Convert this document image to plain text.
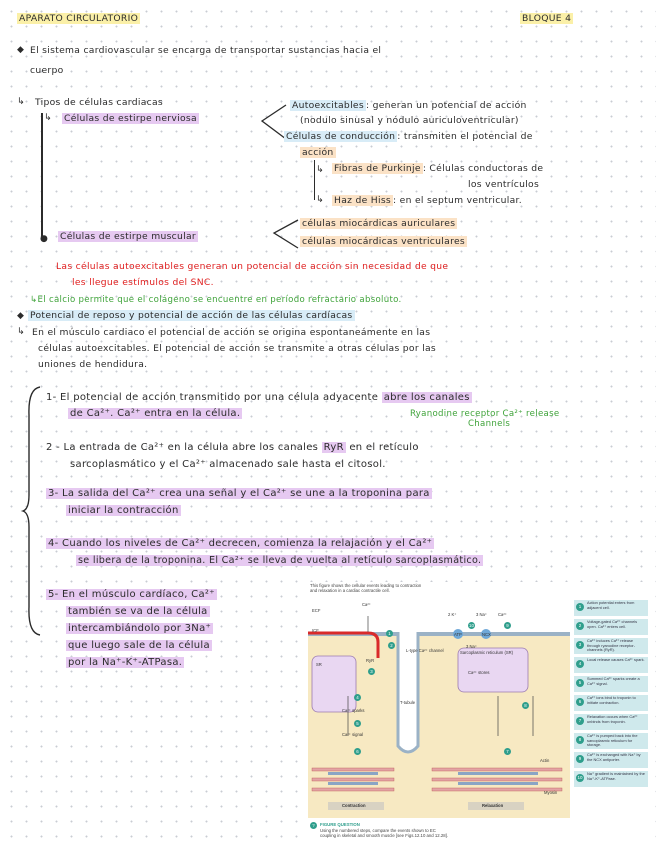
APARATO CIRCULATORIO	BLOQUE 4
◆ El sistema cardiovascular se encarga de transportar sustancias hacia el
cuerpo
↳ Tipos de células cardiacas
↳ Células de estirpe nerviosa
Autoexcitables : generan un potencial de acción
(nodulo sinusal y nódulo auriculoventricular)
Células de conducción : transmiten el potencial de
acción
↳ Fibras de Purkinje : Células conductoras de
los ventrículos
↳ Haz de Hiss : en el septum ventricular.
● Células de estirpe muscular
células miocárdicas auriculares
células miocárdicas ventriculares
Las células autoexcitables generan un potencial de acción sin necesidad de que
les llegue estímulos del SNC.
↳El calcio permite que el colágeno se encuentre en período refractario absoluto.
◆ Potencial de reposo y potencial de acción de las células cardíacas
↳ En el músculo cardiaco el potencial de acción se origina espontaneámente en las
células autoexcitables. El potencial de acción se transmite a otras células por las
uniones de hendidura.
1- El potencial de acción transmitido por una célula adyacente abre los canales
de Ca²⁺. Ca²⁺ entra en la célula.	Ryanodine receptor Ca²⁺ release
Channels
2 - La entrada de Ca²⁺ en la célula abre los canales RyR en el retículo
sarcoplasmático y el Ca²⁺ almacenado sale hasta el citosol.
3- La salida del Ca²⁺ crea una señal y el Ca²⁺ se une a la troponina para
iniciar la contracción
4- Cuando los niveles de Ca²⁺ decrecen, comienza la relajación y el Ca²⁺
se libera de la troponina. El Ca²⁺ se lleva de vuelta al retículo sarcoplasmático.
5- En el músculo cardíaco, Ca²⁺
también se va de la célula
intercambiándolo por 3Na⁺
que luego sale de la célula
por la Na⁺-K⁺-ATPasa.
This figure shows the cellular events leading to contraction
and relaxation in a cardiac contractile cell.
ECF
ICF
Ca²⁺
RyR
SR
L-type Ca²⁺ channel
T-tubule
Sarcoplasmic reticulum (SR)
Ca²⁺ stores
Ca²⁺ sparks
Ca²⁺ signal
2 K⁺	3 Na⁺	Ca²⁺
3 Na⁺
ATP	NCX
Actin
Myosin
Contraction	Relaxation
1
2
3
4
5
6	7
8
9
10
1
Action potential enters from adjacent cell.
2
Voltage-gated Ca²⁺ channels open. Ca²⁺ enters cell.
3
Ca²⁺ induces Ca²⁺ release through ryanodine receptor-channels (RyR).
4
Local release causes Ca²⁺ spark.
5
Summed Ca²⁺ sparks create a Ca²⁺ signal.
6
Ca²⁺ ions bind to troponin to initiate contraction.
7
Relaxation occurs when Ca²⁺ unbinds from troponin.
8
Ca²⁺ is pumped back into the sarcoplasmic reticulum for storage.
9
Ca²⁺ is exchanged with Na⁺ by the NCX antiporter.
10
Na⁺ gradient is maintained by the Na⁺-K⁺-ATPase.
?	FIGURE QUESTION
Using the numbered steps, compare the events shown to EC
coupling in skeletal and smooth muscle [see Figs.12.10 and 12.28].
